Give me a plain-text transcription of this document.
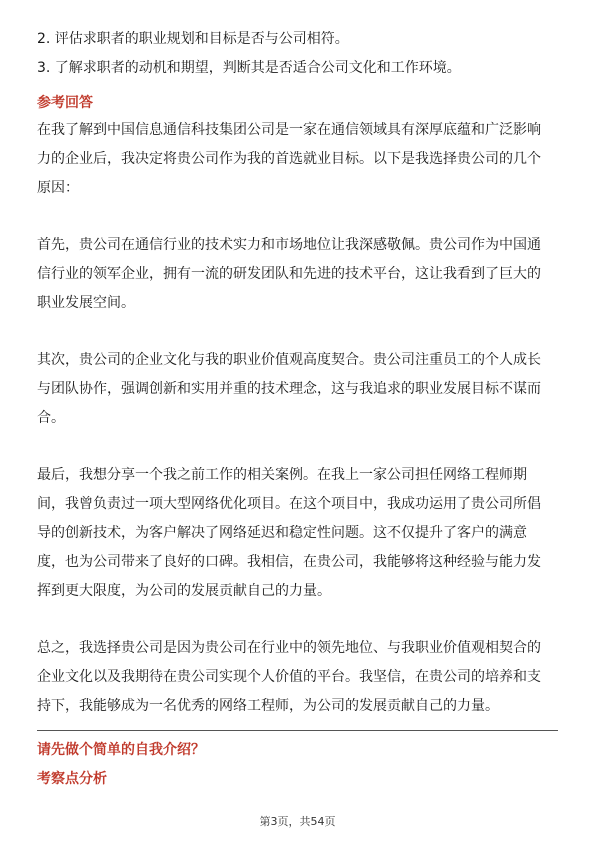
2. 评估求职者的职业规划和目标是否与公司相符。
3. 了解求职者的动机和期望，判断其是否适合公司文化和工作环境。
参考回答
在我了解到中国信息通信科技集团公司是一家在通信领域具有深厚底蕴和广泛影响
力的企业后，我决定将贵公司作为我的首选就业目标。以下是我选择贵公司的几个
原因：
首先，贵公司在通信行业的技术实力和市场地位让我深感敬佩。贵公司作为中国通
信行业的领军企业，拥有一流的研发团队和先进的技术平台，这让我看到了巨大的
职业发展空间。
其次，贵公司的企业文化与我的职业价值观高度契合。贵公司注重员工的个人成长
与团队协作，强调创新和实用并重的技术理念，这与我追求的职业发展目标不谋而
合。
最后，我想分享一个我之前工作的相关案例。在我上一家公司担任网络工程师期
间，我曾负责过一项大型网络优化项目。在这个项目中，我成功运用了贵公司所倡
导的创新技术，为客户解决了网络延迟和稳定性问题。这不仅提升了客户的满意
度，也为公司带来了良好的口碑。我相信，在贵公司，我能够将这种经验与能力发
挥到更大限度，为公司的发展贡献自己的力量。
总之，我选择贵公司是因为贵公司在行业中的领先地位、与我职业价值观相契合的
企业文化以及我期待在贵公司实现个人价值的平台。我坚信，在贵公司的培养和支
持下，我能够成为一名优秀的网络工程师，为公司的发展贡献自己的力量。
请先做个简单的自我介绍？
考察点分析
第3页，共54页
